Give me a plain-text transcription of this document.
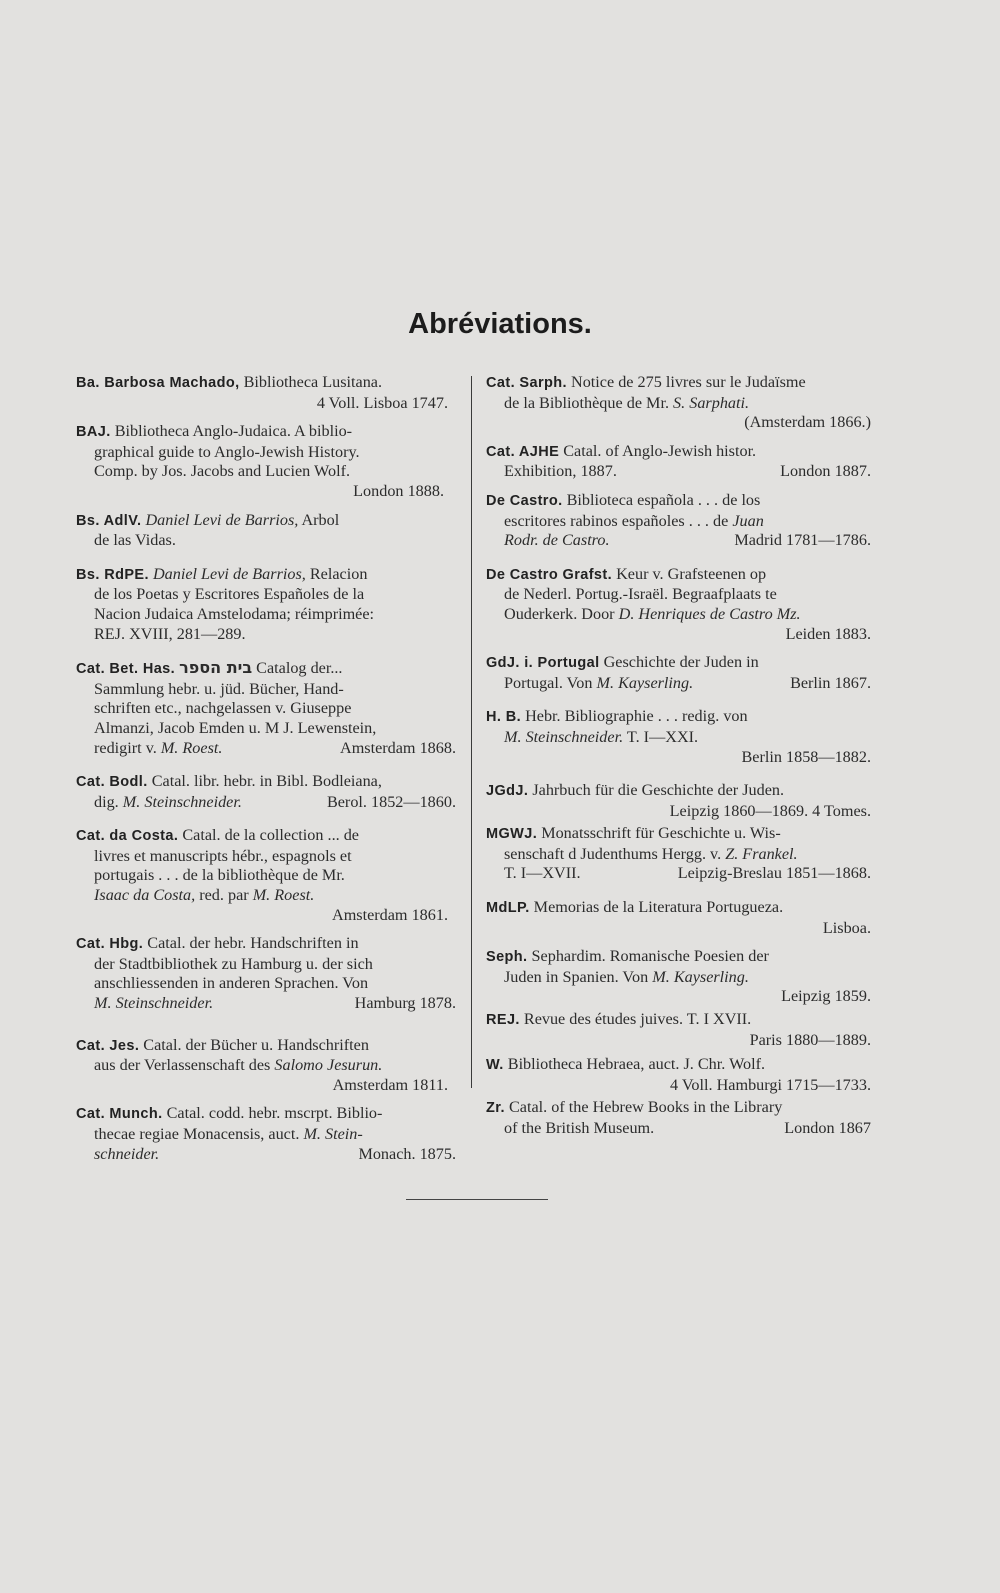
Abréviations.
Ba. Barbosa Machado, Bibliotheca Lusitana.
4 Voll. Lisboa 1747.
BAJ. Bibliotheca Anglo-Judaica. A biblio-
graphical guide to Anglo-Jewish History.
Comp. by Jos. Jacobs and Lucien Wolf.
London 1888.
Bs. AdlV. Daniel Levi de Barrios, Arbol
de las Vidas.
Bs. RdPE. Daniel Levi de Barrios, Relacion
de los Poetas y Escritores Españoles de la
Nacion Judaica Amstelodama; réimprimée:
REJ. XVIII, 281—289.
Cat. Bet. Has. בית הספר Catalog der...
Sammlung hebr. u. jüd. Bücher, Hand-
schriften etc., nachgelassen v. Giuseppe
Almanzi, Jacob Emden u. M J. Lewenstein,
redigirt v. M. Roest.	Amsterdam 1868.
Cat. Bodl. Catal. libr. hebr. in Bibl. Bodleiana,
dig. M. Steinschneider.	Berol. 1852—1860.
Cat. da Costa. Catal. de la collection ... de
livres et manuscripts hébr., espagnols et
portugais . . . de la bibliothèque de Mr.
Isaac da Costa, red. par M. Roest.
Amsterdam 1861.
Cat. Hbg. Catal. der hebr. Handschriften in
der Stadtbibliothek zu Hamburg u. der sich
anschliessenden in anderen Sprachen. Von
M. Steinschneider.	Hamburg 1878.
Cat. Jes. Catal. der Bücher u. Handschriften
aus der Verlassenschaft des Salomo Jesurun.
Amsterdam 1811.
Cat. Munch. Catal. codd. hebr. mscrpt. Biblio-
thecae regiae Monacensis, auct. M. Stein-
schneider.	Monach. 1875.
Cat. Sarph. Notice de 275 livres sur le Judaïsme
de la Bibliothèque de Mr. S. Sarphati.
(Amsterdam 1866.)
Cat. AJHE Catal. of Anglo-Jewish histor.
Exhibition, 1887.	London 1887.
De Castro. Biblioteca española . . . de los
escritores rabinos españoles . . . de Juan
Rodr. de Castro.	Madrid 1781—1786.
De Castro Grafst. Keur v. Grafsteenen op
de Nederl. Portug.-Israël. Begraafplaats te
Ouderkerk. Door D. Henriques de Castro Mz.
Leiden 1883.
GdJ. i. Portugal Geschichte der Juden in
Portugal. Von M. Kayserling.	Berlin 1867.
H. B. Hebr. Bibliographie . . . redig. von
M. Steinschneider. T. I—XXI.
Berlin 1858—1882.
JGdJ. Jahrbuch für die Geschichte der Juden.
Leipzig 1860—1869. 4 Tomes.
MGWJ. Monatsschrift für Geschichte u. Wis-
senschaft d Judenthums Hergg. v. Z. Frankel.
T. I—XVII.	Leipzig-Breslau 1851—1868.
MdLP. Memorias de la Literatura Portugueza.
Lisboa.
Seph. Sephardim. Romanische Poesien der
Juden in Spanien. Von M. Kayserling.
Leipzig 1859.
REJ. Revue des études juives. T. I XVII.
Paris 1880—1889.
W. Bibliotheca Hebraea, auct. J. Chr. Wolf.
4 Voll. Hamburgi 1715—1733.
Zr. Catal. of the Hebrew Books in the Library
of the British Museum.	London 1867
